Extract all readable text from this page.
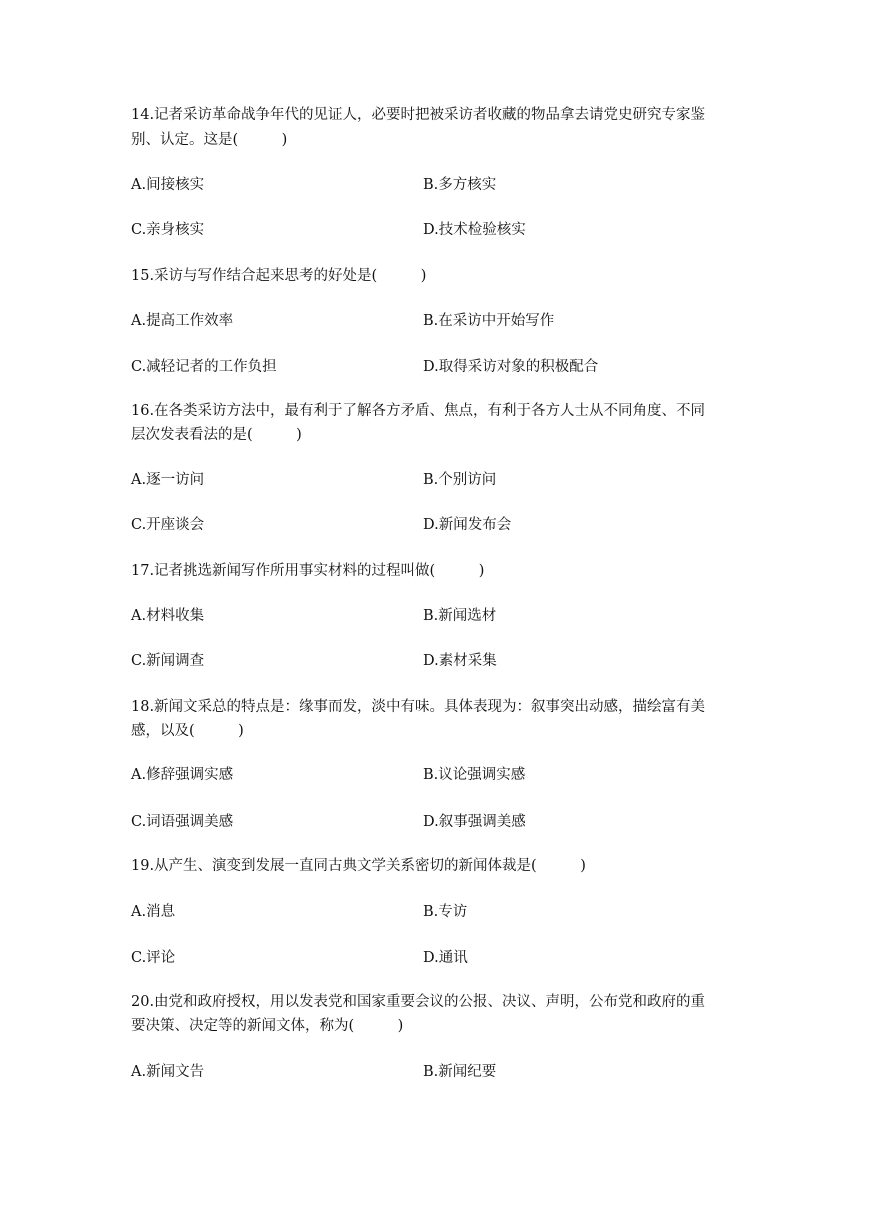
14.记者采访革命战争年代的见证人，必要时把被采访者收藏的物品拿去请党史研究专家鉴
别、认定。这是(　　　)
A.间接核实	B.多方核实
C.亲身核实	D.技术检验核实
15.采访与写作结合起来思考的好处是(　　　)
A.提高工作效率	B.在采访中开始写作
C.减轻记者的工作负担	D.取得采访对象的积极配合
16.在各类采访方法中，最有利于了解各方矛盾、焦点，有利于各方人士从不同角度、不同
层次发表看法的是(　　　)
A.逐一访问	B.个别访问
C.开座谈会	D.新闻发布会
17.记者挑选新闻写作所用事实材料的过程叫做(　　　)
A.材料收集	B.新闻选材
C.新闻调查	D.素材采集
18.新闻文采总的特点是：缘事而发，淡中有味。具体表现为：叙事突出动感，描绘富有美
感，以及(　　　)
A.修辞强调实感	B.议论强调实感
C.词语强调美感	D.叙事强调美感
19.从产生、演变到发展一直同古典文学关系密切的新闻体裁是(　　　)
A.消息	B.专访
C.评论	D.通讯
20.由党和政府授权，用以发表党和国家重要会议的公报、决议、声明，公布党和政府的重
要决策、决定等的新闻文体，称为(　　　)
A.新闻文告	B.新闻纪要
